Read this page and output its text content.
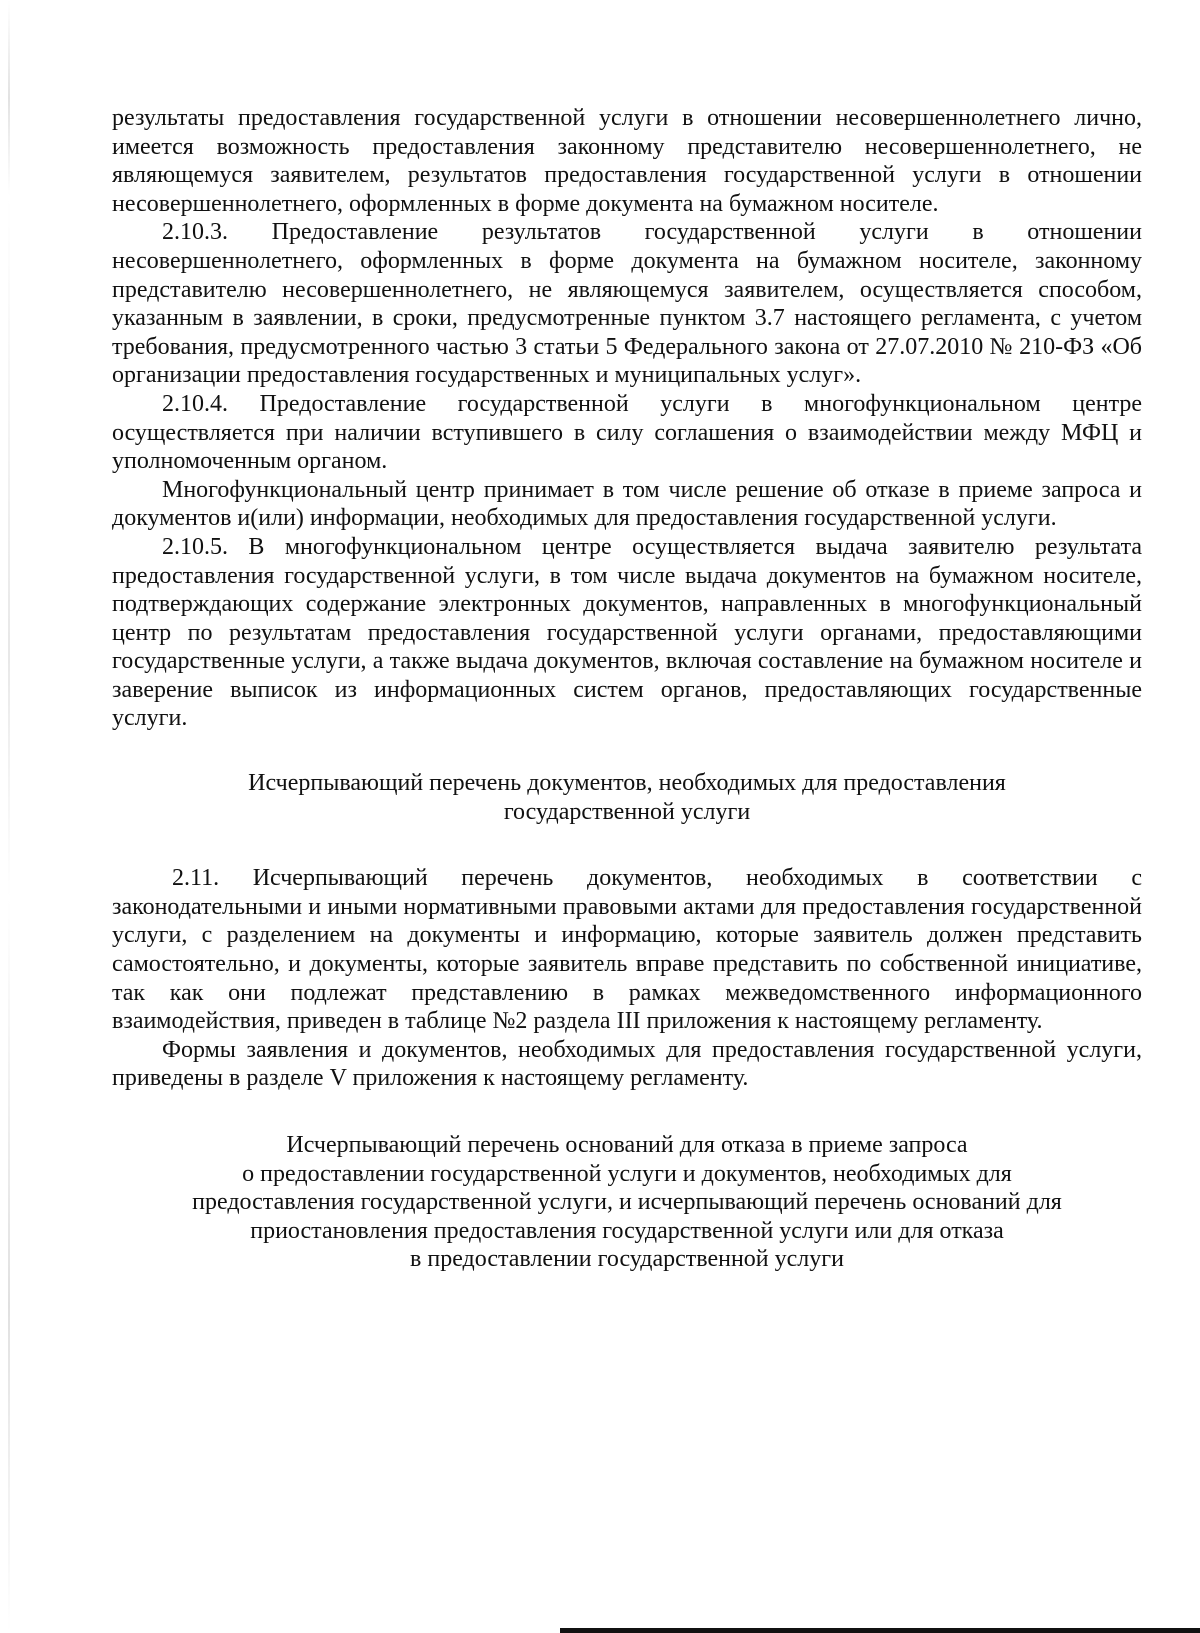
результаты предоставления государственной услуги в отношении несовершеннолетнего лично, имеется возможность предоставления законному представителю несовершеннолетнего, не являющемуся заявителем, результатов предоставления государственной услуги в отношении несовершеннолетнего, оформленных в форме документа на бумажном носителе.

2.10.3. Предоставление результатов государственной услуги в отношении несовершеннолетнего, оформленных в форме документа на бумажном носителе, законному представителю несовершеннолетнего, не являющемуся заявителем, осуществляется способом, указанным в заявлении, в сроки, предусмотренные пунктом 3.7 настоящего регламента, с учетом требования, предусмотренного частью 3 статьи 5 Федерального закона от 27.07.2010 № 210-ФЗ «Об организации предоставления государственных и муниципальных услуг».

2.10.4. Предоставление государственной услуги в многофункциональном центре осуществляется при наличии вступившего в силу соглашения о взаимодействии между МФЦ и уполномоченным органом.

Многофункциональный центр принимает в том числе решение об отказе в приеме запроса и документов и(или) информации, необходимых для предоставления государственной услуги.

2.10.5. В многофункциональном центре осуществляется выдача заявителю результата предоставления государственной услуги, в том числе выдача документов на бумажном носителе, подтверждающих содержание электронных документов, направленных в многофункциональный центр по результатам предоставления государственной услуги органами, предоставляющими государственные услуги, а также выдача документов, включая составление на бумажном носителе и заверение выписок из информационных систем органов, предоставляющих государственные услуги.

Исчерпывающий перечень документов, необходимых для предоставления

государственной услуги

2.11. Исчерпывающий перечень документов, необходимых в соответствии с законодательными и иными нормативными правовыми актами для предоставления государственной услуги, с разделением на документы и информацию, которые заявитель должен представить самостоятельно, и документы, которые заявитель вправе представить по собственной инициативе, так как они подлежат представлению в рамках межведомственного информационного взаимодействия, приведен в таблице №2 раздела III приложения к настоящему регламенту.

Формы заявления и документов, необходимых для предоставления государственной услуги, приведены в разделе V приложения к настоящему регламенту.

Исчерпывающий перечень оснований для отказа в приеме запроса

о предоставлении государственной услуги и документов, необходимых для

предоставления государственной услуги, и исчерпывающий перечень оснований для

приостановления предоставления государственной услуги или для отказа

в предоставлении государственной услуги
